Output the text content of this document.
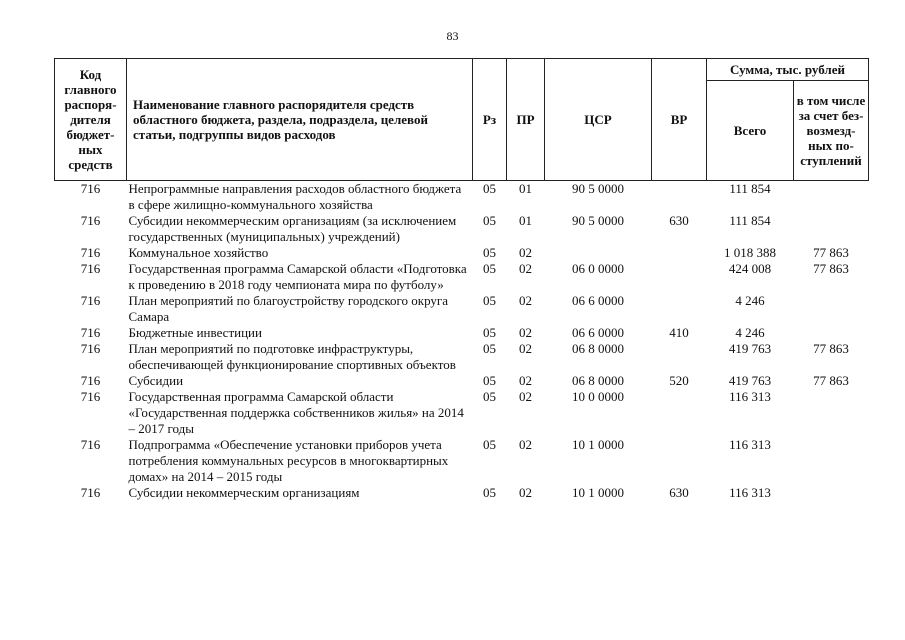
83
Код главного распоря-дителя бюджет-ных средств	Наименование главного распорядителя средств областного бюджета, раздела, подраздела, целевой статьи, подгруппы видов расходов	Рз	ПР	ЦСР	ВР	Сумма, тыс. рублей	
						Всего	в том числе за счет без-возмезд-ных по-ступлений
716	Непрограммные направления расходов областного бюджета в сфере жилищно-коммунального хозяйства	05	01	90 5 0000		111 854	
716	Субсидии некоммерческим организациям (за исключением государственных (муниципальных) учреждений)	05	01	90 5 0000	630	111 854	
716	Коммунальное хозяйство	05	02			1 018 388	77 863
716	Государственная программа Самарской области «Подготовка к проведению в 2018 году чемпионата мира по футболу»	05	02	06 0 0000		424 008	77 863
716	План мероприятий по благоустройству городского округа Самара	05	02	06 6 0000		4 246	
716	Бюджетные инвестиции	05	02	06 6 0000	410	4 246	
716	План мероприятий по подготовке инфраструктуры, обеспечивающей функционирование спортивных объектов	05	02	06 8 0000		419 763	77 863
716	Субсидии	05	02	06 8 0000	520	419 763	77 863
716	Государственная программа Самарской области «Государственная поддержка собственников жилья» на 2014 – 2017 годы	05	02	10 0 0000		116 313	
716	Подпрограмма «Обеспечение установки приборов учета потребления коммунальных ресурсов в многоквартирных домах» на 2014 – 2015 годы	05	02	10 1 0000		116 313	
716	Субсидии некоммерческим организациям	05	02	10 1 0000	630	116 313	
